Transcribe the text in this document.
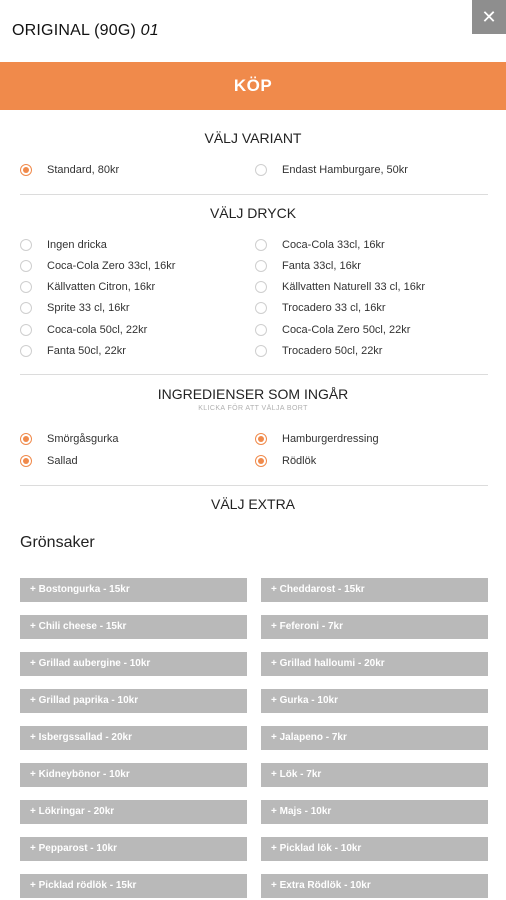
ORIGINAL (90G) 01
✕
KÖP
VÄLJ VARIANT
Standard, 80kr	Endast Hamburgare, 50kr
VÄLJ DRYCK
Ingen dricka	Coca-Cola 33cl, 16kr
Coca-Cola Zero 33cl, 16kr	Fanta 33cl, 16kr
Källvatten Citron, 16kr	Källvatten Naturell 33 cl, 16kr
Sprite 33 cl, 16kr	Trocadero 33 cl, 16kr
Coca-cola 50cl, 22kr	Coca-Cola Zero 50cl, 22kr
Fanta 50cl, 22kr	Trocadero 50cl, 22kr
INGREDIENSER SOM INGÅR
KLICKA FÖR ATT VÄLJA BORT
Smörgåsgurka	Hamburgerdressing
Sallad	Rödlök
VÄLJ EXTRA
Grönsaker
+ Bostongurka - 15kr	+ Cheddarost - 15kr
+ Chili cheese - 15kr	+ Feferoni - 7kr
+ Grillad aubergine - 10kr	+ Grillad halloumi - 20kr
+ Grillad paprika - 10kr	+ Gurka - 10kr
+ Isbergssallad - 20kr	+ Jalapeno - 7kr
+ Kidneybönor - 10kr	+ Lök - 7kr
+ Lökringar - 20kr	+ Majs - 10kr
+ Pepparost - 10kr	+ Picklad lök - 10kr
+ Picklad rödlök - 15kr	+ Extra Rödlök - 10kr
